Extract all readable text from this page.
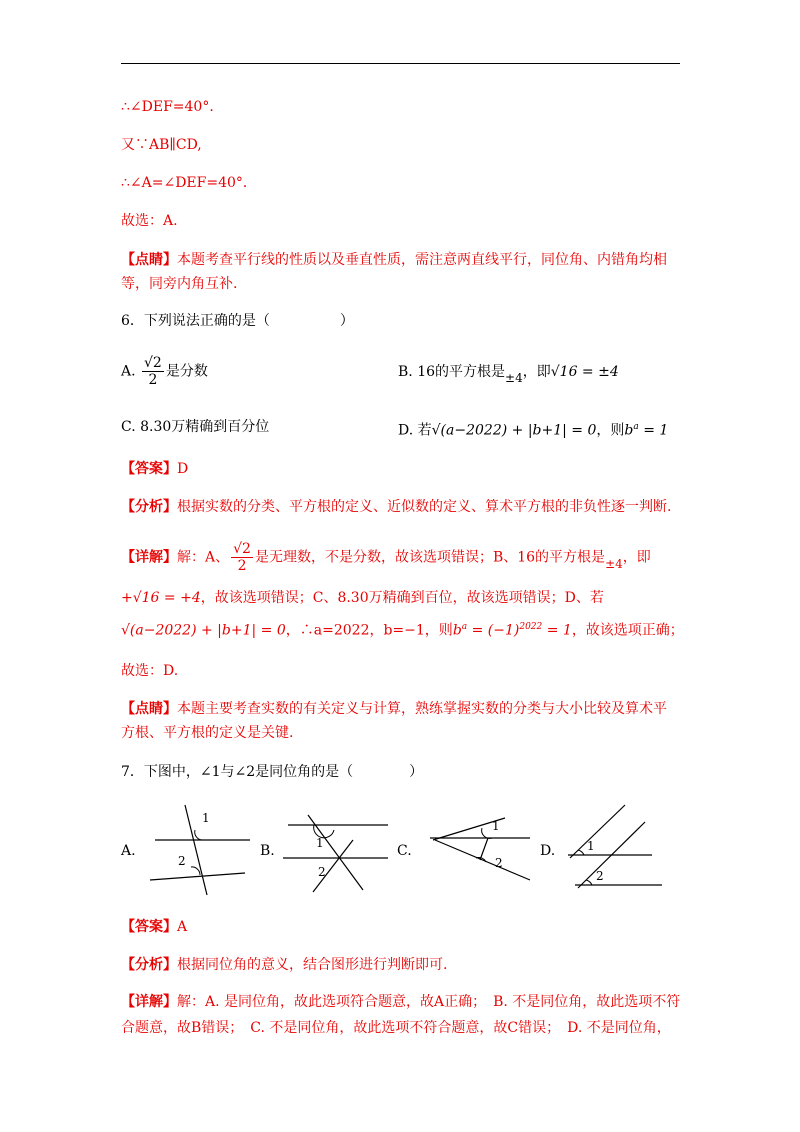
∴∠DEF=40°．
又∵AB∥CD,
∴∠A=∠DEF=40°．
故选：A.
【点睛】本题考查平行线的性质以及垂直性质，需注意两直线平行，同位角、内错角均相
等，同旁内角互补.
6．下列说法正确的是（　　　　　）
A. $\frac{√2}{2}$ 是分数	B. 16的平方根是±4，即√16 = ±4
C. 8.30万精确到百分位	D. 若√(a−2022) + |b+1| = 0，则$b^a = 1$
【答案】D
【分析】根据实数的分类、平方根的定义、近似数的定义、算术平方根的非负性逐一判断.
【详解】解：A、 $\frac{√2}{2}$ 是无理数，不是分数，故该选项错误；B、16的平方根是±4，即
+√16 = +4，故该选项错误；C、8.30万精确到百位，故该选项错误；D、若
√(a−2022) + |b+1| = 0，∴a=2022，b=−1，则$b^a = (-1)^{2022} = 1$，故该选项正确；
故选：D.
【点睛】本题主要考查实数的有关定义与计算，熟练掌握实数的分类与大小比较及算术平
方根、平方根的定义是关键.
7．下图中，∠1与∠2是同位角的是（　　　　）
A.
1
2
B.	1
2
C.
1
2
D.	1
2
【答案】A
【分析】根据同位角的意义，结合图形进行判断即可.
【详解】解：A. 是同位角，故此选项符合题意，故A正确；　B. 不是同位角，故此选项不符
合题意，故B错误；　C. 不是同位角，故此选项不符合题意，故C错误；　D. 不是同位角，
